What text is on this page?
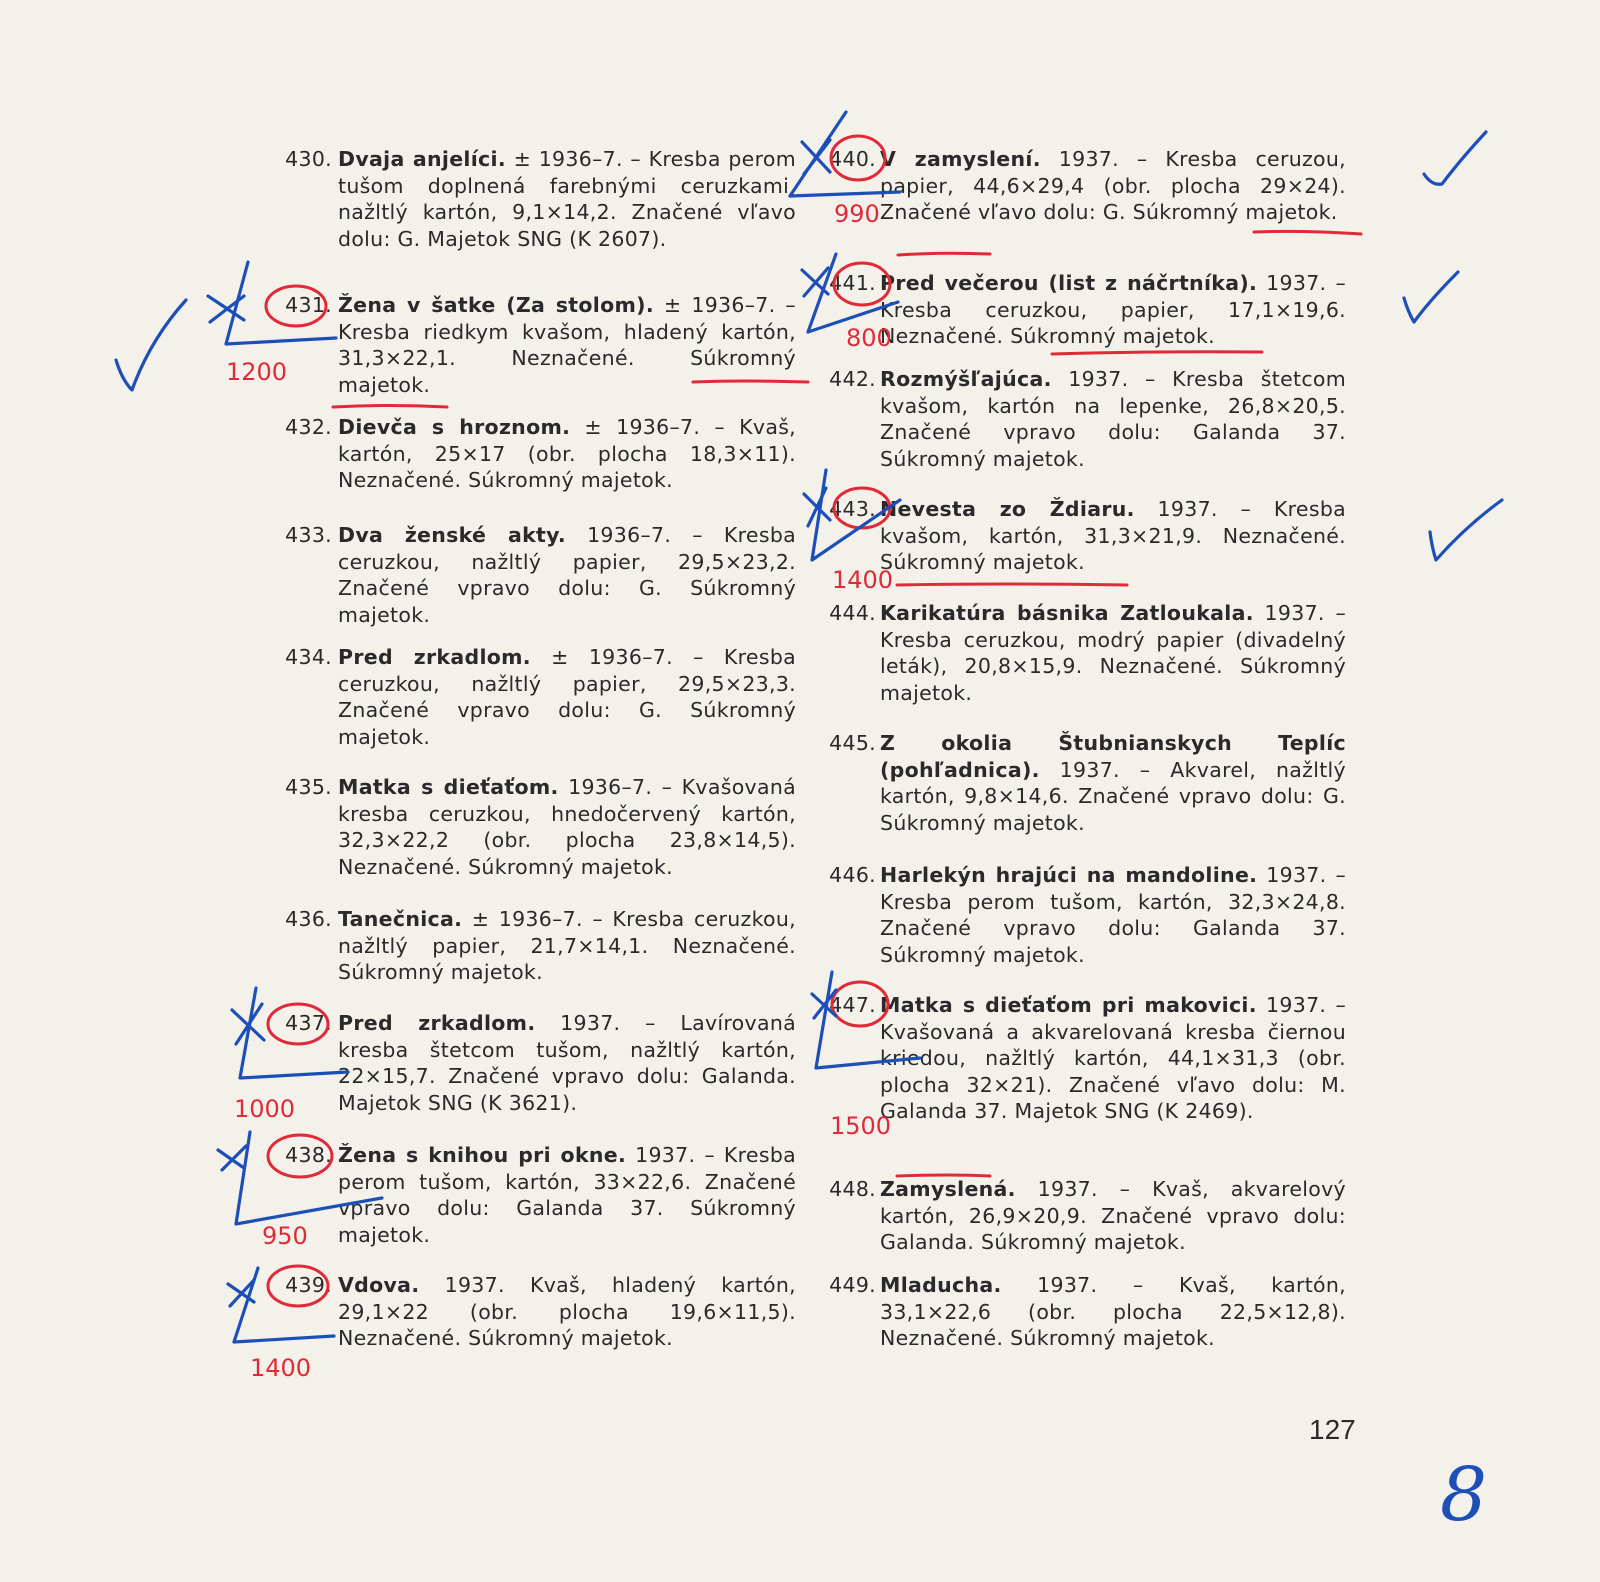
430. Dvaja anjelíci. ± 1936–7. – Kresba perom tušom doplnená farebnými ceruzkami, nažltlý kartón, 9,1×14,2. Značené vľavo dolu: G. Majetok SNG (K 2607).
431. Žena v šatke (Za stolom). ± 1936–7. – Kresba riedkym kvašom, hladený kartón, 31,3×22,1. Neznačené. Súkromný majetok.
432. Dievča s hroznom. ± 1936–7. – Kvaš, kartón, 25×17 (obr. plocha 18,3×11). Neznačené. Súkromný majetok.
433. Dva ženské akty. 1936–7. – Kresba ceruzkou, nažltlý papier, 29,5×23,2. Značené vpravo dolu: G. Súkromný majetok.
434. Pred zrkadlom. ± 1936–7. – Kresba ceruzkou, nažltlý papier, 29,5×23,3. Značené vpravo dolu: G. Súkromný majetok.
435. Matka s dieťaťom. 1936–7. – Kvašovaná kresba ceruzkou, hnedočervený kartón, 32,3×22,2 (obr. plocha 23,8×14,5). Neznačené. Súkromný majetok.
436. Tanečnica. ± 1936–7. – Kresba ceruzkou, nažltlý papier, 21,7×14,1. Neznačené. Súkromný majetok.
437. Pred zrkadlom. 1937. – Lavírovaná kresba štetcom tušom, nažltlý kartón, 22×15,7. Značené vpravo dolu: Galanda. Majetok SNG (K 3621).
438. Žena s knihou pri okne. 1937. – Kresba perom tušom, kartón, 33×22,6. Značené vpravo dolu: Galanda 37. Súkromný majetok.
439. Vdova. 1937. Kvaš, hladený kartón, 29,1×22 (obr. plocha 19,6×11,5). Neznačené. Súkromný majetok.
440. V zamyslení. 1937. – Kresba ceruzou, papier, 44,6×29,4 (obr. plocha 29×24). Značené vľavo dolu: G. Súkromný majetok.
441. Pred večerou (list z náčrtníka). 1937. – Kresba ceruzkou, papier, 17,1×19,6. Neznačené. Súkromný majetok.
442. Rozmýšľajúca. 1937. – Kresba štetcom kvašom, kartón na lepenke, 26,8×20,5. Značené vpravo dolu: Galanda 37. Súkromný majetok.
443. Nevesta zo Ždiaru. 1937. – Kresba kvašom, kartón, 31,3×21,9. Neznačené. Súkromný majetok.
444. Karikatúra básnika Zatloukala. 1937. – Kresba ceruzkou, modrý papier (divadelný leták), 20,8×15,9. Neznačené. Súkromný majetok.
445. Z okolia Štubnianskych Teplíc (pohľadnica). 1937. – Akvarel, nažltlý kartón, 9,8×14,6. Značené vpravo dolu: G. Súkromný majetok.
446. Harlekýn hrajúci na mandoline. 1937. – Kresba perom tušom, kartón, 32,3×24,8. Značené vpravo dolu: Galanda 37. Súkromný majetok.
447. Matka s dieťaťom pri makovici. 1937. – Kvašovaná a akvarelovaná kresba čiernou kriedou, nažltlý kartón, 44,1×31,3 (obr. plocha 32×21). Značené vľavo dolu: M. Galanda 37. Majetok SNG (K 2469).
448. Zamyslená. 1937. – Kvaš, akvarelový kartón, 26,9×20,9. Značené vpravo dolu: Galanda. Súkromný majetok.
449. Mladucha. 1937. – Kvaš, kartón, 33,1×22,6 (obr. plocha 22,5×12,8). Neznačené. Súkromný majetok.
127
1200
1000
950
1400
990
800
1400
1500
8
